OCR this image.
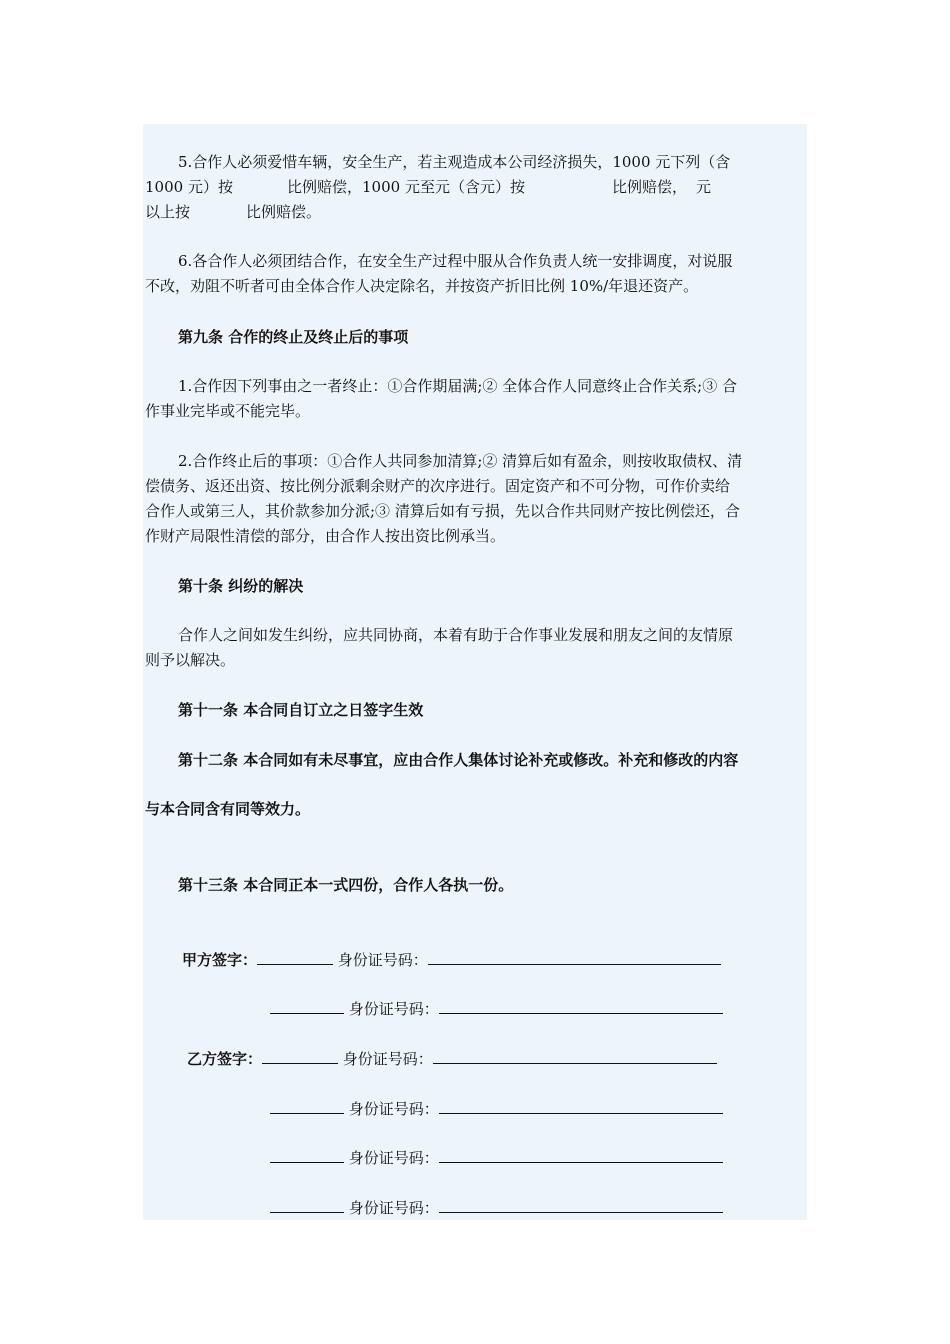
5.合作人必须爱惜车辆，安全生产，若主观造成本公司经济损失，1000 元下列（含
1000 元）按	比例赔偿，1000 元至元（含元）按	比例赔偿， 元
以上按	比例赔偿。
6.各合作人必须团结合作，在安全生产过程中服从合作负责人统一安排调度，对说服
不改，劝阻不听者可由全体合作人决定除名，并按资产折旧比例 10%/年退还资产。
第九条 合作的终止及终止后的事项
1.合作因下列事由之一者终止：①合作期届满;② 全体合作人同意终止合作关系;③ 合
作事业完毕或不能完毕。
2.合作终止后的事项：①合作人共同参加清算;② 清算后如有盈余，则按收取债权、清
偿债务、返还出资、按比例分派剩余财产的次序进行。固定资产和不可分物，可作价卖给
合作人或第三人，其价款参加分派;③ 清算后如有亏损，先以合作共同财产按比例偿还，合
作财产局限性清偿的部分，由合作人按出资比例承当。
第十条 纠纷的解决
合作人之间如发生纠纷，应共同协商，本着有助于合作事业发展和朋友之间的友情原
则予以解决。
第十一条 本合同自订立之日签字生效
第十二条 本合同如有未尽事宜，应由合作人集体讨论补充或修改。补充和修改的内容
与本合同含有同等效力。
第十三条 本合同正本一式四份，合作人各执一份。
甲方签字：	身份证号码：
身份证号码：
乙方签字：	身份证号码：
身份证号码：
身份证号码：
身份证号码：
